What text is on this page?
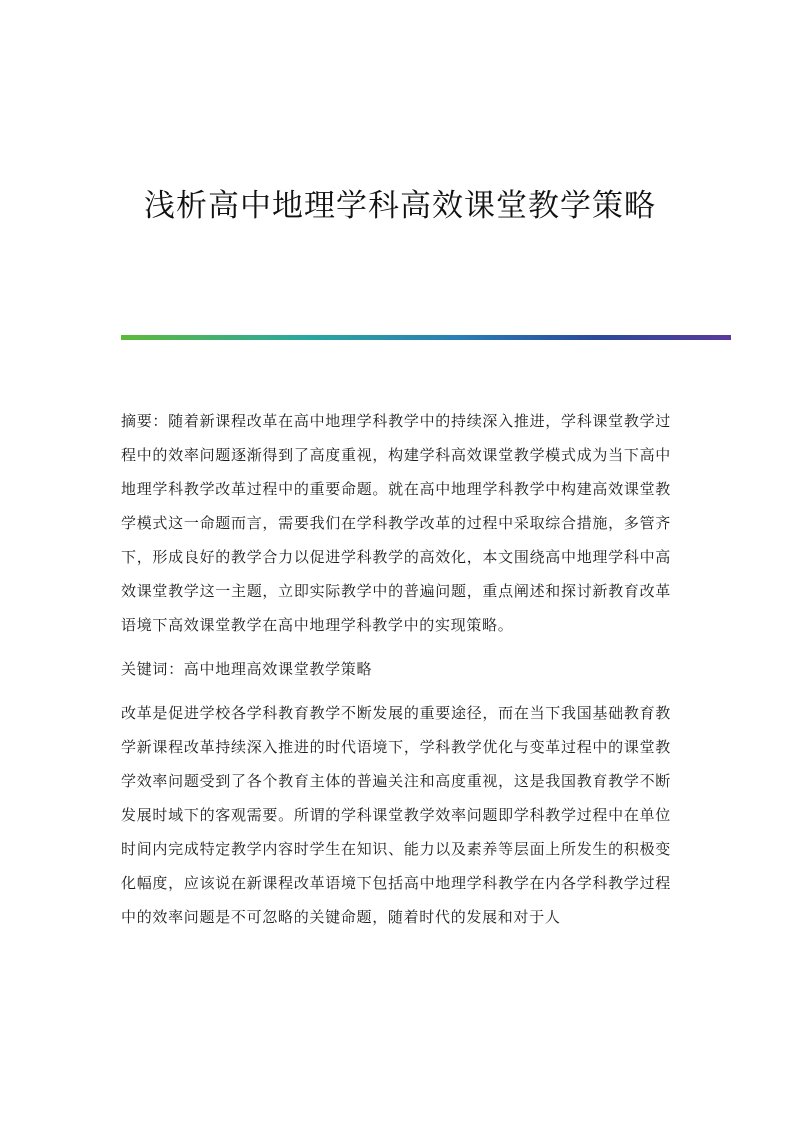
浅析高中地理学科高效课堂教学策略

摘要：随着新课程改革在高中地理学科教学中的持续深入推进，学科课堂教学过程中的效率问题逐渐得到了高度重视，构建学科高效课堂教学模式成为当下高中地理学科教学改革过程中的重要命题。就在高中地理学科教学中构建高效课堂教学模式这一命题而言，需要我们在学科教学改革的过程中采取综合措施，多管齐下，形成良好的教学合力以促进学科教学的高效化，本文围绕高中地理学科中高效课堂教学这一主题，立即实际教学中的普遍问题，重点阐述和探讨新教育改革语境下高效课堂教学在高中地理学科教学中的实现策略。

关键词：高中地理高效课堂教学策略

改革是促进学校各学科教育教学不断发展的重要途径，而在当下我国基础教育教学新课程改革持续深入推进的时代语境下，学科教学优化与变革过程中的课堂教学效率问题受到了各个教育主体的普遍关注和高度重视，这是我国教育教学不断发展时域下的客观需要。所谓的学科课堂教学效率问题即学科教学过程中在单位时间内完成特定教学内容时学生在知识、能力以及素养等层面上所发生的积极变化幅度，应该说在新课程改革语境下包括高中地理学科教学在内各学科教学过程中的效率问题是不可忽略的关键命题，随着时代的发展和对于人
